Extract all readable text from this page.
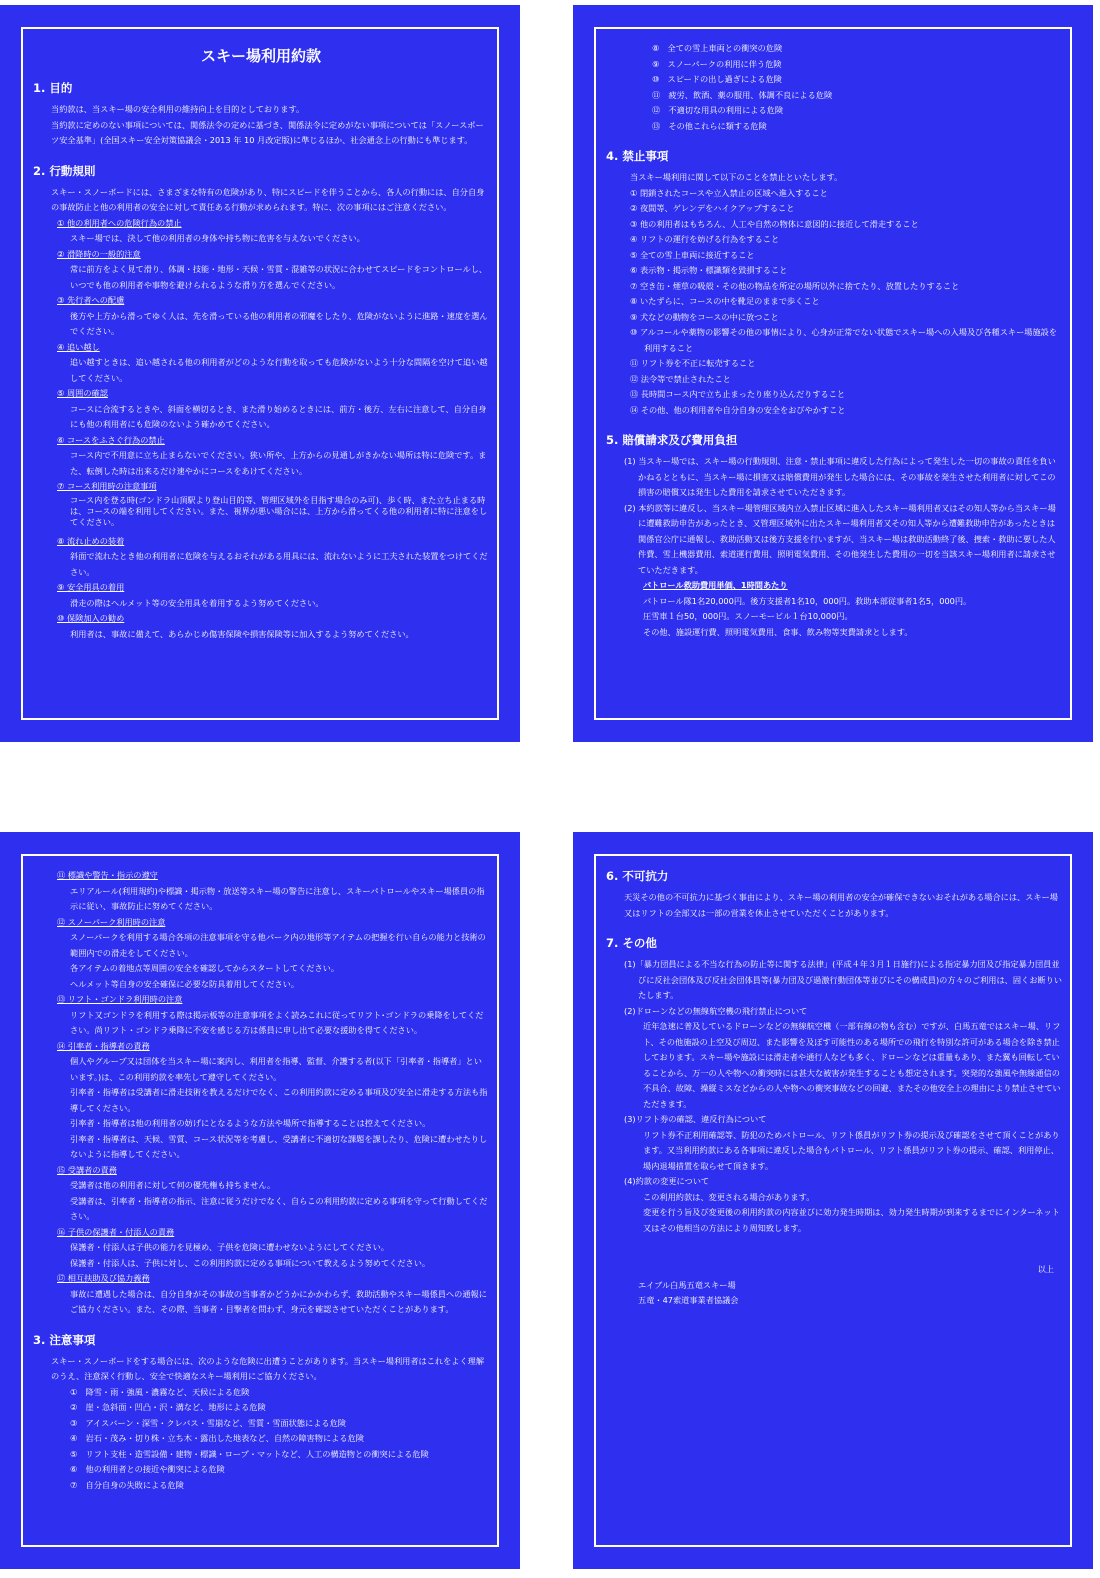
スキー場利用約款
1. 目的

当約款は、当スキー場の安全利用の維持向上を目的としております。

当約款に定めのない事項については、関係法令の定めに基づき、関係法令に定めがない事項については「スノースポーツ安全基準」(全国スキー安全対策協議会・2013 年 10 月改定版)に準じるほか、社会通念上の行動にも準じます。

2. 行動規則

スキー・スノーボードには、さまざまな特有の危険があり、特にスピードを伴うことから、各人の行動には、自分自身の事故防止と他の利用者の安全に対して責任ある行動が求められます。特に、次の事項にはご注意ください。

① 他の利用者への危険行為の禁止

スキー場では、決して他の利用者の身体や持ち物に危害を与えないでください。

② 滑降時の一般的注意

常に前方をよく見て滑り、体調・技能・地形・天候・雪質・混雑等の状況に合わせてスピードをコントロールし、いつでも他の利用者や事物を避けられるような滑り方を選んでください。

③ 先行者への配慮

後方や上方から滑ってゆく人は、先を滑っている他の利用者の邪魔をしたり、危険がないように進路・速度を選んでください。

④ 追い越し

追い越すときは、追い越される他の利用者がどのような行動を取っても危険がないよう十分な間隔を空けて追い越してください。

⑤ 周囲の確認

コースに合流するときや、斜面を横切るとき、また滑り始めるときには、前方・後方、左右に注意して、自分自身にも他の利用者にも危険のないよう確かめてください。

⑥ コースをふさぐ行為の禁止

コース内で不用意に立ち止まらないでください。狭い所や、上方からの見通しがきかない場所は特に危険です。また、転倒した時は出来るだけ速やかにコースをあけてください。

⑦ コース利用時の注意事項

コース内を登る時(ゴンドラ山頂駅より登山目的等、管理区域外を目指す場合のみ可)、歩く時、また立ち止まる時は、コースの端を利用してください。また、視界が悪い場合には、上方から滑ってくる他の利用者に特に注意をしてください。

⑧ 流れ止めの装着

斜面で流れたとき他の利用者に危険を与えるおそれがある用具には、流れないように工夫された装置をつけてください。

⑨ 安全用具の着用

滑走の際はヘルメット等の安全用具を着用するよう努めてください。

⑩ 保険加入の勧め

利用者は、事故に備えて、あらかじめ傷害保険や損害保険等に加入するよう努めてください。

⑧　全ての雪上車両との衝突の危険

⑨　スノーパークの利用に伴う危険

⑩　スピードの出し過ぎによる危険

⑪　疲労、飲酒、薬の服用、体調不良による危険

⑫　不適切な用具の利用による危険

⑬　その他これらに類する危険

4. 禁止事項

当スキー場利用に関して以下のことを禁止といたします。

① 閉鎖されたコースや立入禁止の区域へ進入すること

② 夜間等、ゲレンデをハイクアップすること

③ 他の利用者はもちろん、人工や自然の物体に意図的に接近して滑走すること

④ リフトの運行を妨げる行為をすること

⑤ 全ての雪上車両に接近すること

⑥ 表示物・掲示物・標識類を毀損すること

⑦ 空き缶・煙草の吸殻・その他の物品を所定の場所以外に捨てたり、放置したりすること

⑧ いたずらに、コースの中を靴足のままで歩くこと

⑨ 犬などの動物をコースの中に放つこと

⑩ アルコールや薬物の影響その他の事情により、心身が正常でない状態でスキー場への入場及び各種スキー場施設を利用すること

⑪ リフト券を不正に転売すること

⑫ 法令等で禁止されたこと

⑬ 長時間コース内で立ち止まったり座り込んだりすること

⑭ その他、他の利用者や自分自身の安全をおびやかすこと

5. 賠償請求及び費用負担

(1) 当スキー場では、スキー場の行動規則、注意・禁止事項に違反した行為によって発生した一切の事故の責任を負いかねるとともに、当スキー場に損害又は賠償費用が発生した場合には、その事故を発生させた利用者に対してこの損害の賠償又は発生した費用を請求させていただきます。

(2) 本約款等に違反し、当スキー場管理区域内立入禁止区域に進入したスキー場利用者又はその知人等から当スキー場に遭難救助申告があったとき、又管理区域外に出たスキー場利用者又その知人等から遭難救助申告があったときは関係官公庁に通報し、救助活動又は後方支援を行いますが、当スキー場は救助活動終了後、捜索・救助に要した人件費、雪上機器費用、索道運行費用、照明電気費用、その他発生した費用の一切を当該スキー場利用者に請求させていただきます。

パトロール救助費用単価、1時間あたり

パトロール隊1名20,000円。後方支援者1名10，000円。救助本部従事者1名5，000円。

圧雪車１台50，000円。スノーモービル１台10,000円。

その他、施設運行費、照明電気費用、食事、飲み物等実費請求とします。

⑪ 標識や警告・指示の遵守

エリアルール(利用規約)や標識・掲示物・放送等スキー場の警告に注意し、スキーパトロールやスキー場係員の指示に従い、事故防止に努めてください。

⑫ スノーパーク利用時の注意

スノーパークを利用する場合各項の注意事項を守る他パーク内の地形等アイテムの把握を行い自らの能力と技術の範囲内での滑走をしてください。

各アイテムの着地点等周囲の安全を確認してからスタートしてください。

ヘルメット等自身の安全確保に必要な防具着用してください。

⑬ リフト・ゴンドラ利用時の注意

リフト又ゴンドラを利用する際は掲示板等の注意事項をよく読みこれに従ってリフト･ゴンドラの乗降をしてください。尚リフト・ゴンドラ乗降に不安を感じる方は係員に申し出て必要な援助を得てください。

⑭ 引率者・指導者の責務

個人やグループ又は団体を当スキー場に案内し、利用者を指導、監督、介護する者(以下「引率者・指導者」といいます。)は、この利用約款を率先して遵守してください。

引率者・指導者は受講者に滑走技術を教えるだけでなく、この利用約款に定める事項及び安全に滑走する方法も指導してください。

引率者・指導者は他の利用者の妨げにとなるような方法や場所で指導することは控えてください。

引率者・指導者は、天候、雪質、コース状況等を考慮し、受講者に不適切な課題を課したり、危険に遭わせたりしないように指導してください。

⑮ 受講者の責務

受講者は他の利用者に対して何の優先権も持ちません。

受講者は、引率者・指導者の指示、注意に従うだけでなく、自らこの利用約款に定める事項を守って行動してください。

⑯ 子供の保護者・付添人の責務

保護者・付添人は子供の能力を見極め、子供を危険に遭わせないようにしてください。

保護者・付添人は、子供に対し、この利用約款に定める事項について教えるよう努めてください。

⑰ 相互扶助及び協力義務

事故に遭遇した場合は、自分自身がその事故の当事者かどうかにかかわらず、救助活動やスキー場係員への通報にご協力ください。また、その際、当事者・目撃者を問わず、身元を確認させていただくことがあります。

3. 注意事項

スキー・スノーボードをする場合には、次のような危険に出遭うことがあります。当スキー場利用者はこれをよく理解のうえ、注意深く行動し、安全で快適なスキー場利用にご協力ください。

①　降雪・雨・強風・濃霧など、天候による危険

②　崖・急斜面・凹凸・沢・溝など、地形による危険

③　アイスバーン・深雪・クレバス・雪崩など、雪質・雪面状態による危険

④　岩石・茂み・切り株・立ち木・露出した地表など、自然の障害物による危険

⑤　リフト支柱・造雪設備・建物・標識・ロープ・マットなど、人工の構造物との衝突による危険

⑥　他の利用者との接近や衝突による危険

⑦　自分自身の失敗による危険

6. 不可抗力

天災その他の不可抗力に基づく事由により、スキー場の利用者の安全が確保できないおそれがある場合には、スキー場又はリフトの全部又は一部の営業を休止させていただくことがあります。

7. その他

(1)「暴力団員による不当な行為の防止等に関する法律」(平成４年３月１日施行)による指定暴力団及び指定暴力団員並びに反社会団体及び反社会団体員等(暴力団及び過激行動団体等並びにその構成員)の方々のご利用は、固くお断りいたします。

(2)ドローンなどの無線航空機の飛行禁止について

近年急速に普及しているドローンなどの無線航空機（一部有線の物も含む）ですが、白馬五竜ではスキー場、リフト、その他施設の上空及び周辺、また影響を及ぼす可能性のある場所での飛行を特別な許可がある場合を除き禁止しております。スキー場や施設には滑走者や通行人なども多く、ドローンなどは重量もあり、また翼も回転していることから、万一の人や物への衝突時には甚大な被害が発生することも想定されます。突発的な強風や無線通信の不具合、故障、操縦ミスなどからの人や物への衝突事故などの回避、またその他安全上の理由により禁止させていただきます。

(3)リフト券の確認、違反行為について

リフト券不正利用確認等、防犯のためパトロール、リフト係員がリフト券の提示及び確認をさせて頂くことがあります。又当利用約款にある各事項に違反した場合もパトロール、リフト係員がリフト券の提示、確認、利用停止、場内退場措置を取らせて頂きます。

(4)約款の変更について

この利用約款は、変更される場合があります。

変更を行う旨及び変更後の利用約款の内容並びに効力発生時期は、効力発生時期が到来するまでにインターネット又はその他相当の方法により周知致します。

以上

エイブル白馬五竜スキー場

五竜・47索道事業者協議会
